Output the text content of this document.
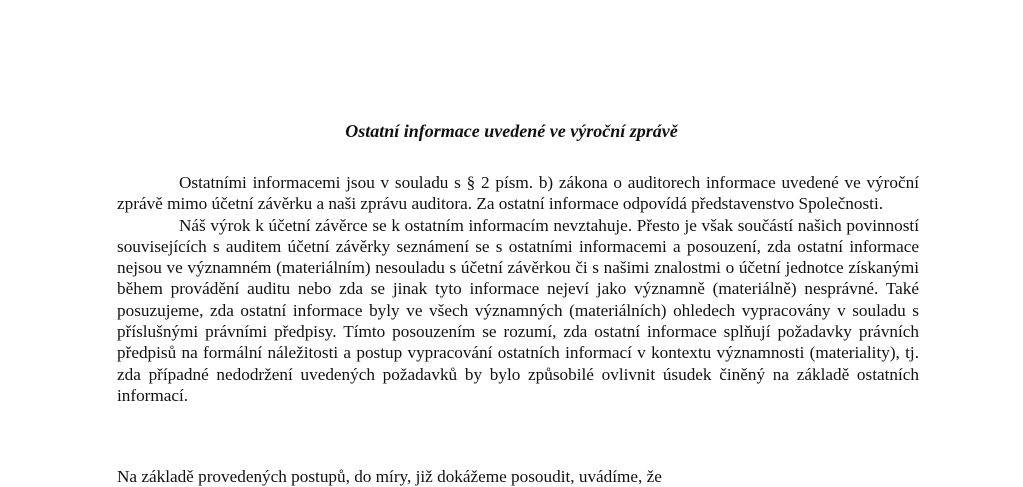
Ostatní informace uvedené ve výroční zprávě

Ostatními informacemi jsou v souladu s § 2 písm. b) zákona o auditorech informace uvedené ve výroční zprávě mimo účetní závěrku a naši zprávu auditora. Za ostatní informace odpovídá představenstvo Společnosti.

Náš výrok k účetní závěrce se k ostatním informacím nevztahuje. Přesto je však součástí našich povinností souvisejících s auditem účetní závěrky seznámení se s ostatními informacemi a posouzení, zda ostatní informace nejsou ve významném (materiálním) nesouladu s účetní závěrkou či s našimi znalostmi o účetní jednotce získanými během provádění auditu nebo zda se jinak tyto informace nejeví jako významně (materiálně) nesprávné. Také posuzujeme, zda ostatní informace byly ve všech významných (materiálních) ohledech vypracovány v souladu s příslušnými právními předpisy. Tímto posouzením se rozumí, zda ostatní informace splňují požadavky právních předpisů na formální náležitosti a postup vypracování ostatních informací v kontextu významnosti (materiality), tj. zda případné nedodržení uvedených požadavků by bylo způsobilé ovlivnit úsudek činěný na základě ostatních informací.

Na základě provedených postupů, do míry, již dokážeme posoudit, uvádíme, že
